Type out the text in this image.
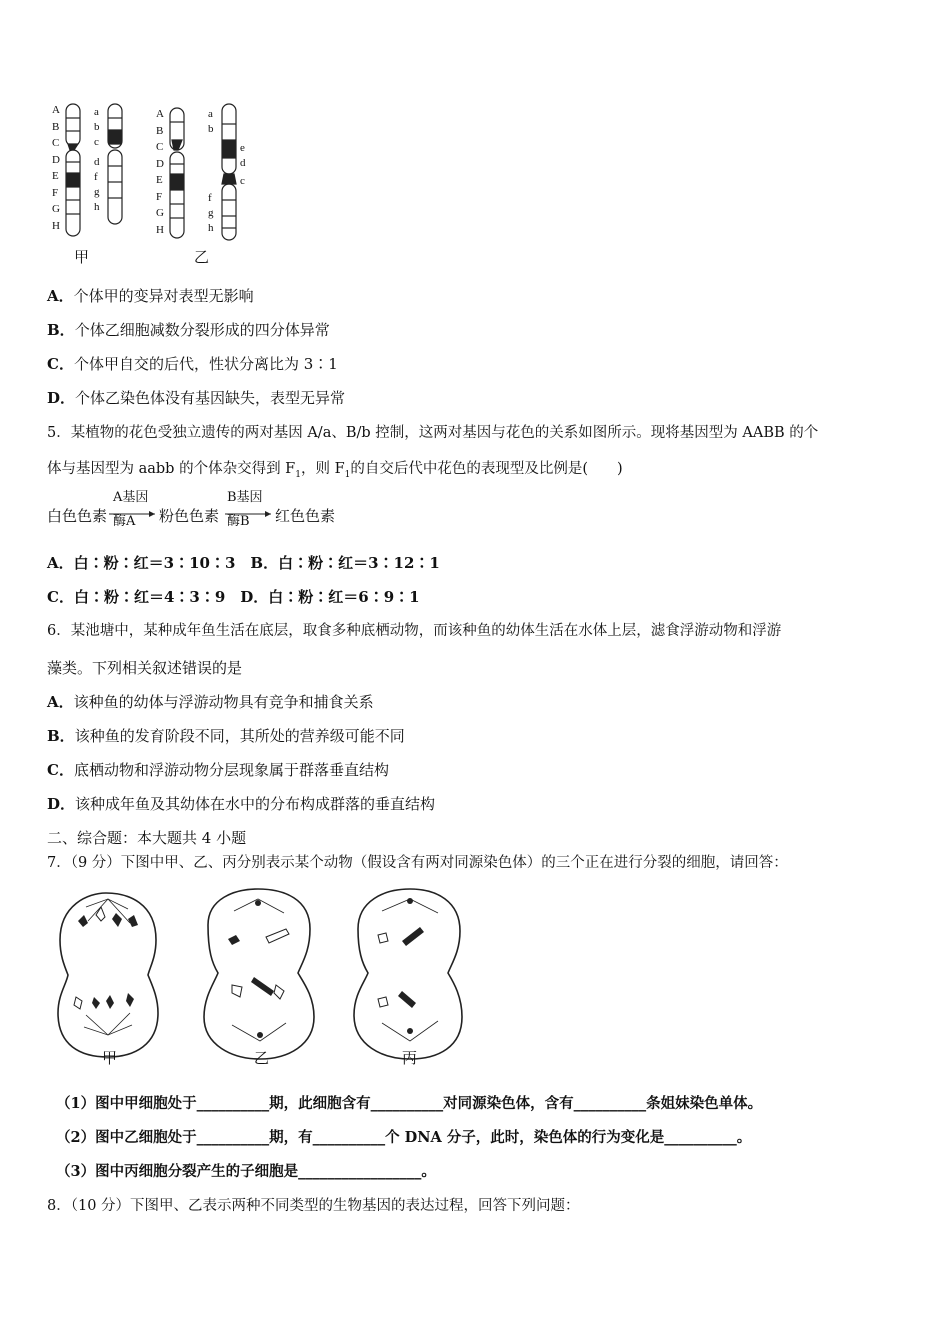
A
B
C
D
E
F
G
H
a
b
c
d
f
g
h
A
B
C
D
E
F
G
H
a
b
e
d
c
f
g
h
甲	乙
A．个体甲的变异对表型无影响
B．个体乙细胞减数分裂形成的四分体异常
C．个体甲自交的后代，性状分离比为 3∶1
D．个体乙染色体没有基因缺失，表型无异常
5．某植物的花色受独立遗传的两对基因 A/a、B/b 控制，这两对基因与花色的关系如图所示。现将基因型为 AABB 的个
体与基因型为 aabb 的个体杂交得到 $F_1$，则 $F_1$的自交后代中花色的表现型及比例是(　　)
白色色素
A基因
酶A 粉色色素
B基因
酶B 红色色素
A．白∶粉∶红＝3∶10∶3　B．白∶粉∶红＝3∶12∶1
C．白∶粉∶红＝4∶3∶9　D．白∶粉∶红＝6∶9∶1
6．某池塘中，某种成年鱼生活在底层，取食多种底栖动物，而该种鱼的幼体生活在水体上层，滤食浮游动物和浮游
藻类。下列相关叙述错误的是
A．该种鱼的幼体与浮游动物具有竞争和捕食关系
B．该种鱼的发育阶段不同，其所处的营养级可能不同
C．底栖动物和浮游动物分层现象属于群落垂直结构
D．该种成年鱼及其幼体在水中的分布构成群落的垂直结构
二、综合题：本大题共 4 小题
7．（9 分）下图中甲、乙、丙分别表示某个动物（假设含有两对同源染色体）的三个正在进行分裂的细胞，请回答：
甲	乙	丙
（1）图中甲细胞处于__________期，此细胞含有__________对同源染色体，含有__________条姐妹染色单体。
（2）图中乙细胞处于__________期，有__________个 DNA 分子，此时，染色体的行为变化是__________。
（3）图中丙细胞分裂产生的子细胞是_________________。
8．（10 分）下图甲、乙表示两种不同类型的生物基因的表达过程，回答下列问题：
